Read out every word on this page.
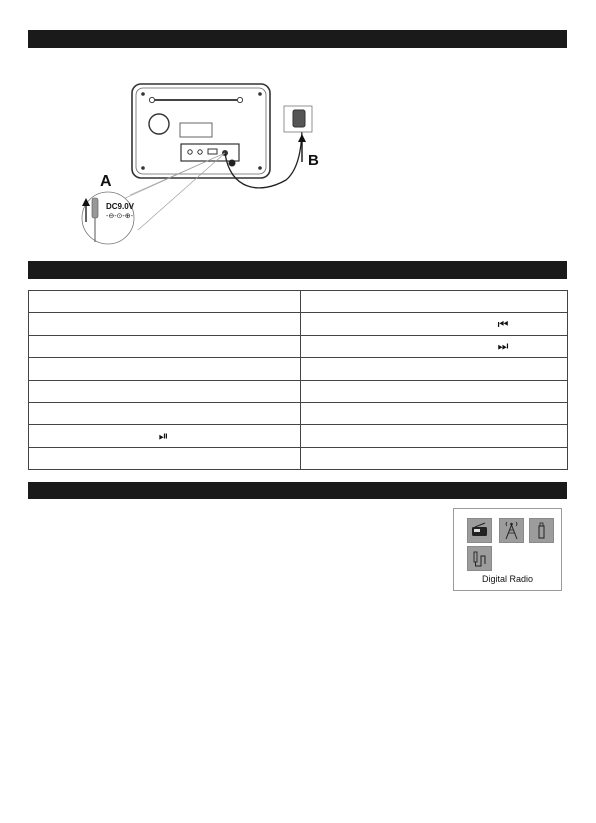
B
DC9.0V
-⊖-⊙-⊕-
A

	⏮
	⏭

⏯	

Digital Radio
